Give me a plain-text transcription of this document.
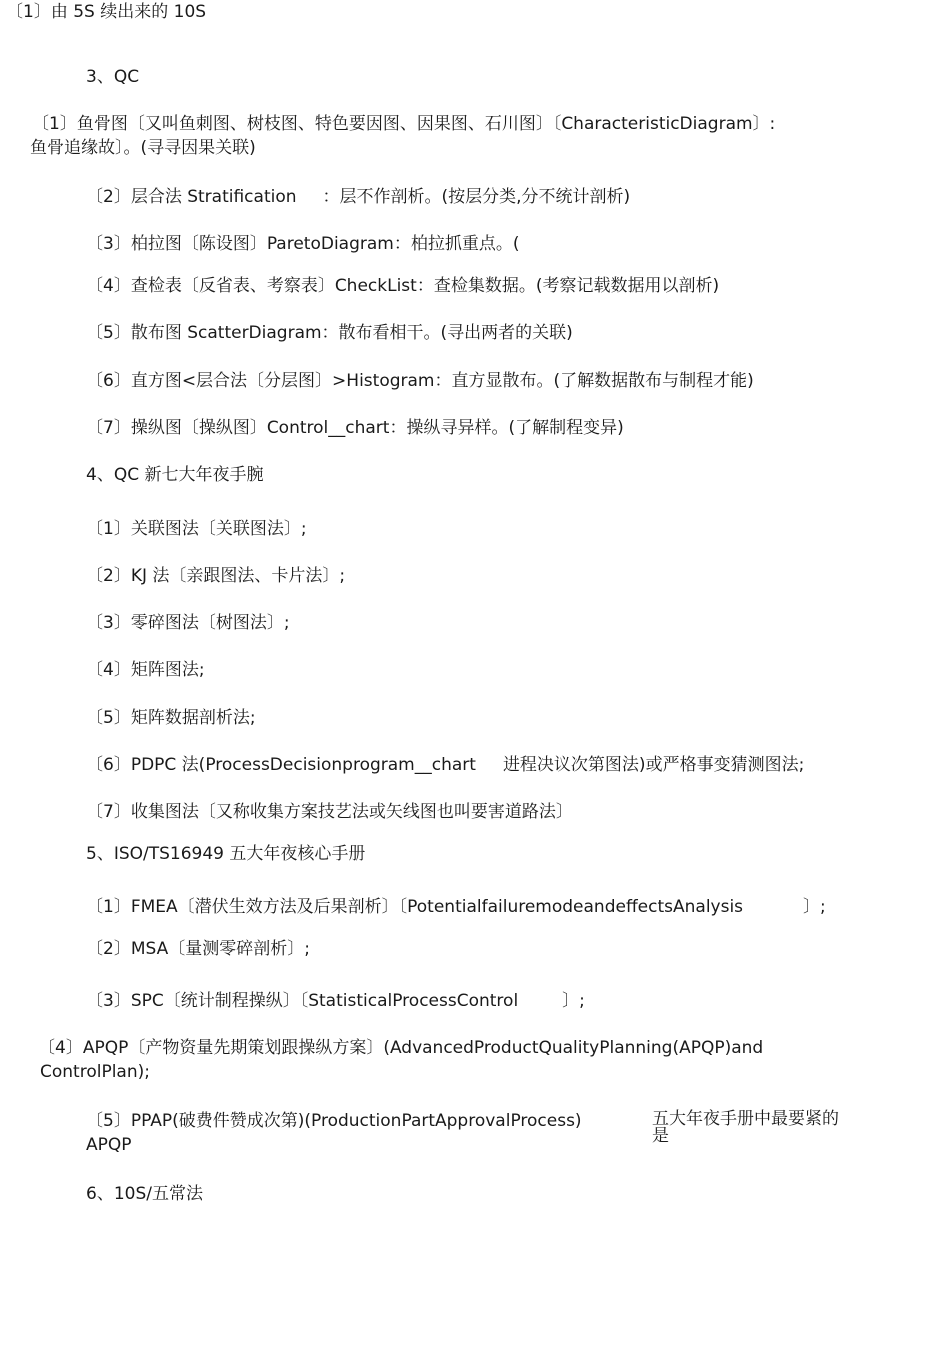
〔1〕由 5S 续出来的 10S
3、QC
〔1〕鱼骨图〔又叫鱼刺图、树枝图、特色要因图、因果图、石川图〕〔CharacteristicDiagram〕:
鱼骨追缘故〕。(寻寻因果关联)
〔2〕层合法 Stratification ：层不作剖析。(按层分类,分不统计剖析)
〔3〕柏拉图〔陈设图〕ParetoDiagram：柏拉抓重点。(
〔4〕查检表〔反省表、考察表〕CheckList：查检集数据。(考察记载数据用以剖析)
〔5〕散布图 ScatterDiagram：散布看相干。(寻出两者的关联)
〔6〕直方图<层合法〔分层图〕>Histogram：直方显散布。(了解数据散布与制程才能)
〔7〕操纵图〔操纵图〕Control__chart：操纵寻异样。(了解制程变异)
4、QC 新七大年夜手腕
〔1〕关联图法〔关联图法〕;
〔2〕KJ 法〔亲跟图法、卡片法〕;
〔3〕零碎图法〔树图法〕;
〔4〕矩阵图法;
〔5〕矩阵数据剖析法;
〔6〕PDPC 法(ProcessDecisionprogram__chart 进程决议次第图法)或严格事变猜测图法;
〔7〕收集图法〔又称收集方案技艺法或矢线图也叫要害道路法〕
5、ISO/TS16949 五大年夜核心手册
〔1〕FMEA〔潜伏生效方法及后果剖析〕〔PotentialfailuremodeandeffectsAnalysis	〕;
〔2〕MSA〔量测零碎剖析〕;
〔3〕SPC〔统计制程操纵〕〔StatisticalProcessControl	〕;
〔4〕APQP〔产物资量先期策划跟操纵方案〕(AdvancedProductQualityPlanning(APQP)and
ControlPlan);
〔5〕PPAP(破费件赞成次第)(ProductionPartApprovalProcess)
APQP
五大年夜手册中最要紧的
是
6、10S/五常法
